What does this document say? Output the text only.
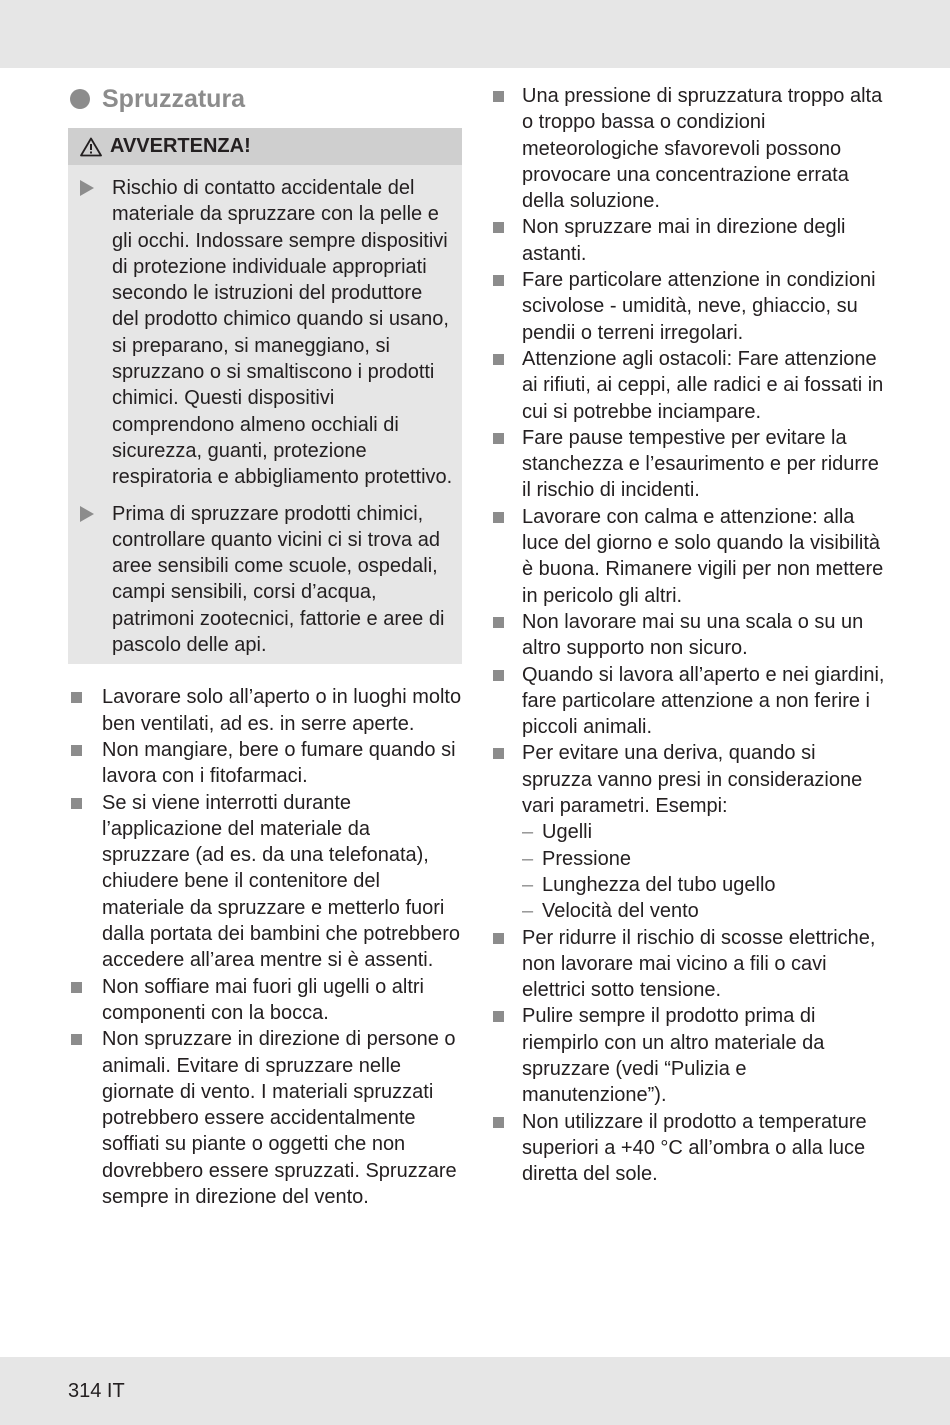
Spruzzatura
AVVERTENZA!
Rischio di contatto accidentale del materiale da spruzzare con la pelle e gli occhi. Indossare sempre dispositivi di protezione individuale appropriati secondo le istruzioni del produttore del prodotto chimico quando si usano, si preparano, si maneggiano, si spruzzano o si smaltiscono i prodotti chimici. Questi dispositivi comprendono almeno occhiali di sicurezza, guanti, protezione respiratoria e abbigliamento protettivo.
Prima di spruzzare prodotti chimici, controllare quanto vicini ci si trova ad aree sensibili come scuole, ospedali, campi sensibili, corsi d’acqua, patrimoni zootecnici, fattorie e aree di pascolo delle api.
Lavorare solo all’aperto o in luoghi molto ben ventilati, ad es. in serre aperte.
Non mangiare, bere o fumare quando si lavora con i fitofarmaci.
Se si viene interrotti durante l’applicazione del materiale da spruzzare (ad es. da una telefonata), chiudere bene il contenitore del materiale da spruzzare e metterlo fuori dalla portata dei bambini che potrebbero accedere all’area mentre si è assenti.
Non soffiare mai fuori gli ugelli o altri componenti con la bocca.
Non spruzzare in direzione di persone o animali. Evitare di spruzzare nelle giornate di vento. I materiali spruzzati potrebbero essere accidentalmente soffiati su piante o oggetti che non dovrebbero essere spruzzati. Spruzzare sempre in direzione del vento.
Una pressione di spruzzatura troppo alta o troppo bassa o condizioni meteorologiche sfavorevoli possono provocare una concentrazione errata della soluzione.
Non spruzzare mai in direzione degli astanti.
Fare particolare attenzione in condizioni scivolose - umidità, neve, ghiaccio, su pendii o terreni irregolari.
Attenzione agli ostacoli: Fare attenzione ai rifiuti, ai ceppi, alle radici e ai fossati in cui si potrebbe inciampare.
Fare pause tempestive per evitare la stanchezza e l’esaurimento e per ridurre il rischio di incidenti.
Lavorare con calma e attenzione: alla luce del giorno e solo quando la visibilità è buona. Rimanere vigili per non mettere in pericolo gli altri.
Non lavorare mai su una scala o su un altro supporto non sicuro.
Quando si lavora all’aperto e nei giardini, fare particolare attenzione a non ferire i piccoli animali.
Per evitare una deriva, quando si spruzza vanno presi in considerazione vari parametri. Esempi:
– Ugelli
– Pressione
– Lunghezza del tubo ugello
– Velocità del vento
Per ridurre il rischio di scosse elettriche, non lavorare mai vicino a fili o cavi elettrici sotto tensione.
Pulire sempre il prodotto prima di riempirlo con un altro materiale da spruzzare (vedi “Pulizia e manutenzione”).
Non utilizzare il prodotto a temperature superiori a +40 °C all’ombra o alla luce diretta del sole.
314 IT
